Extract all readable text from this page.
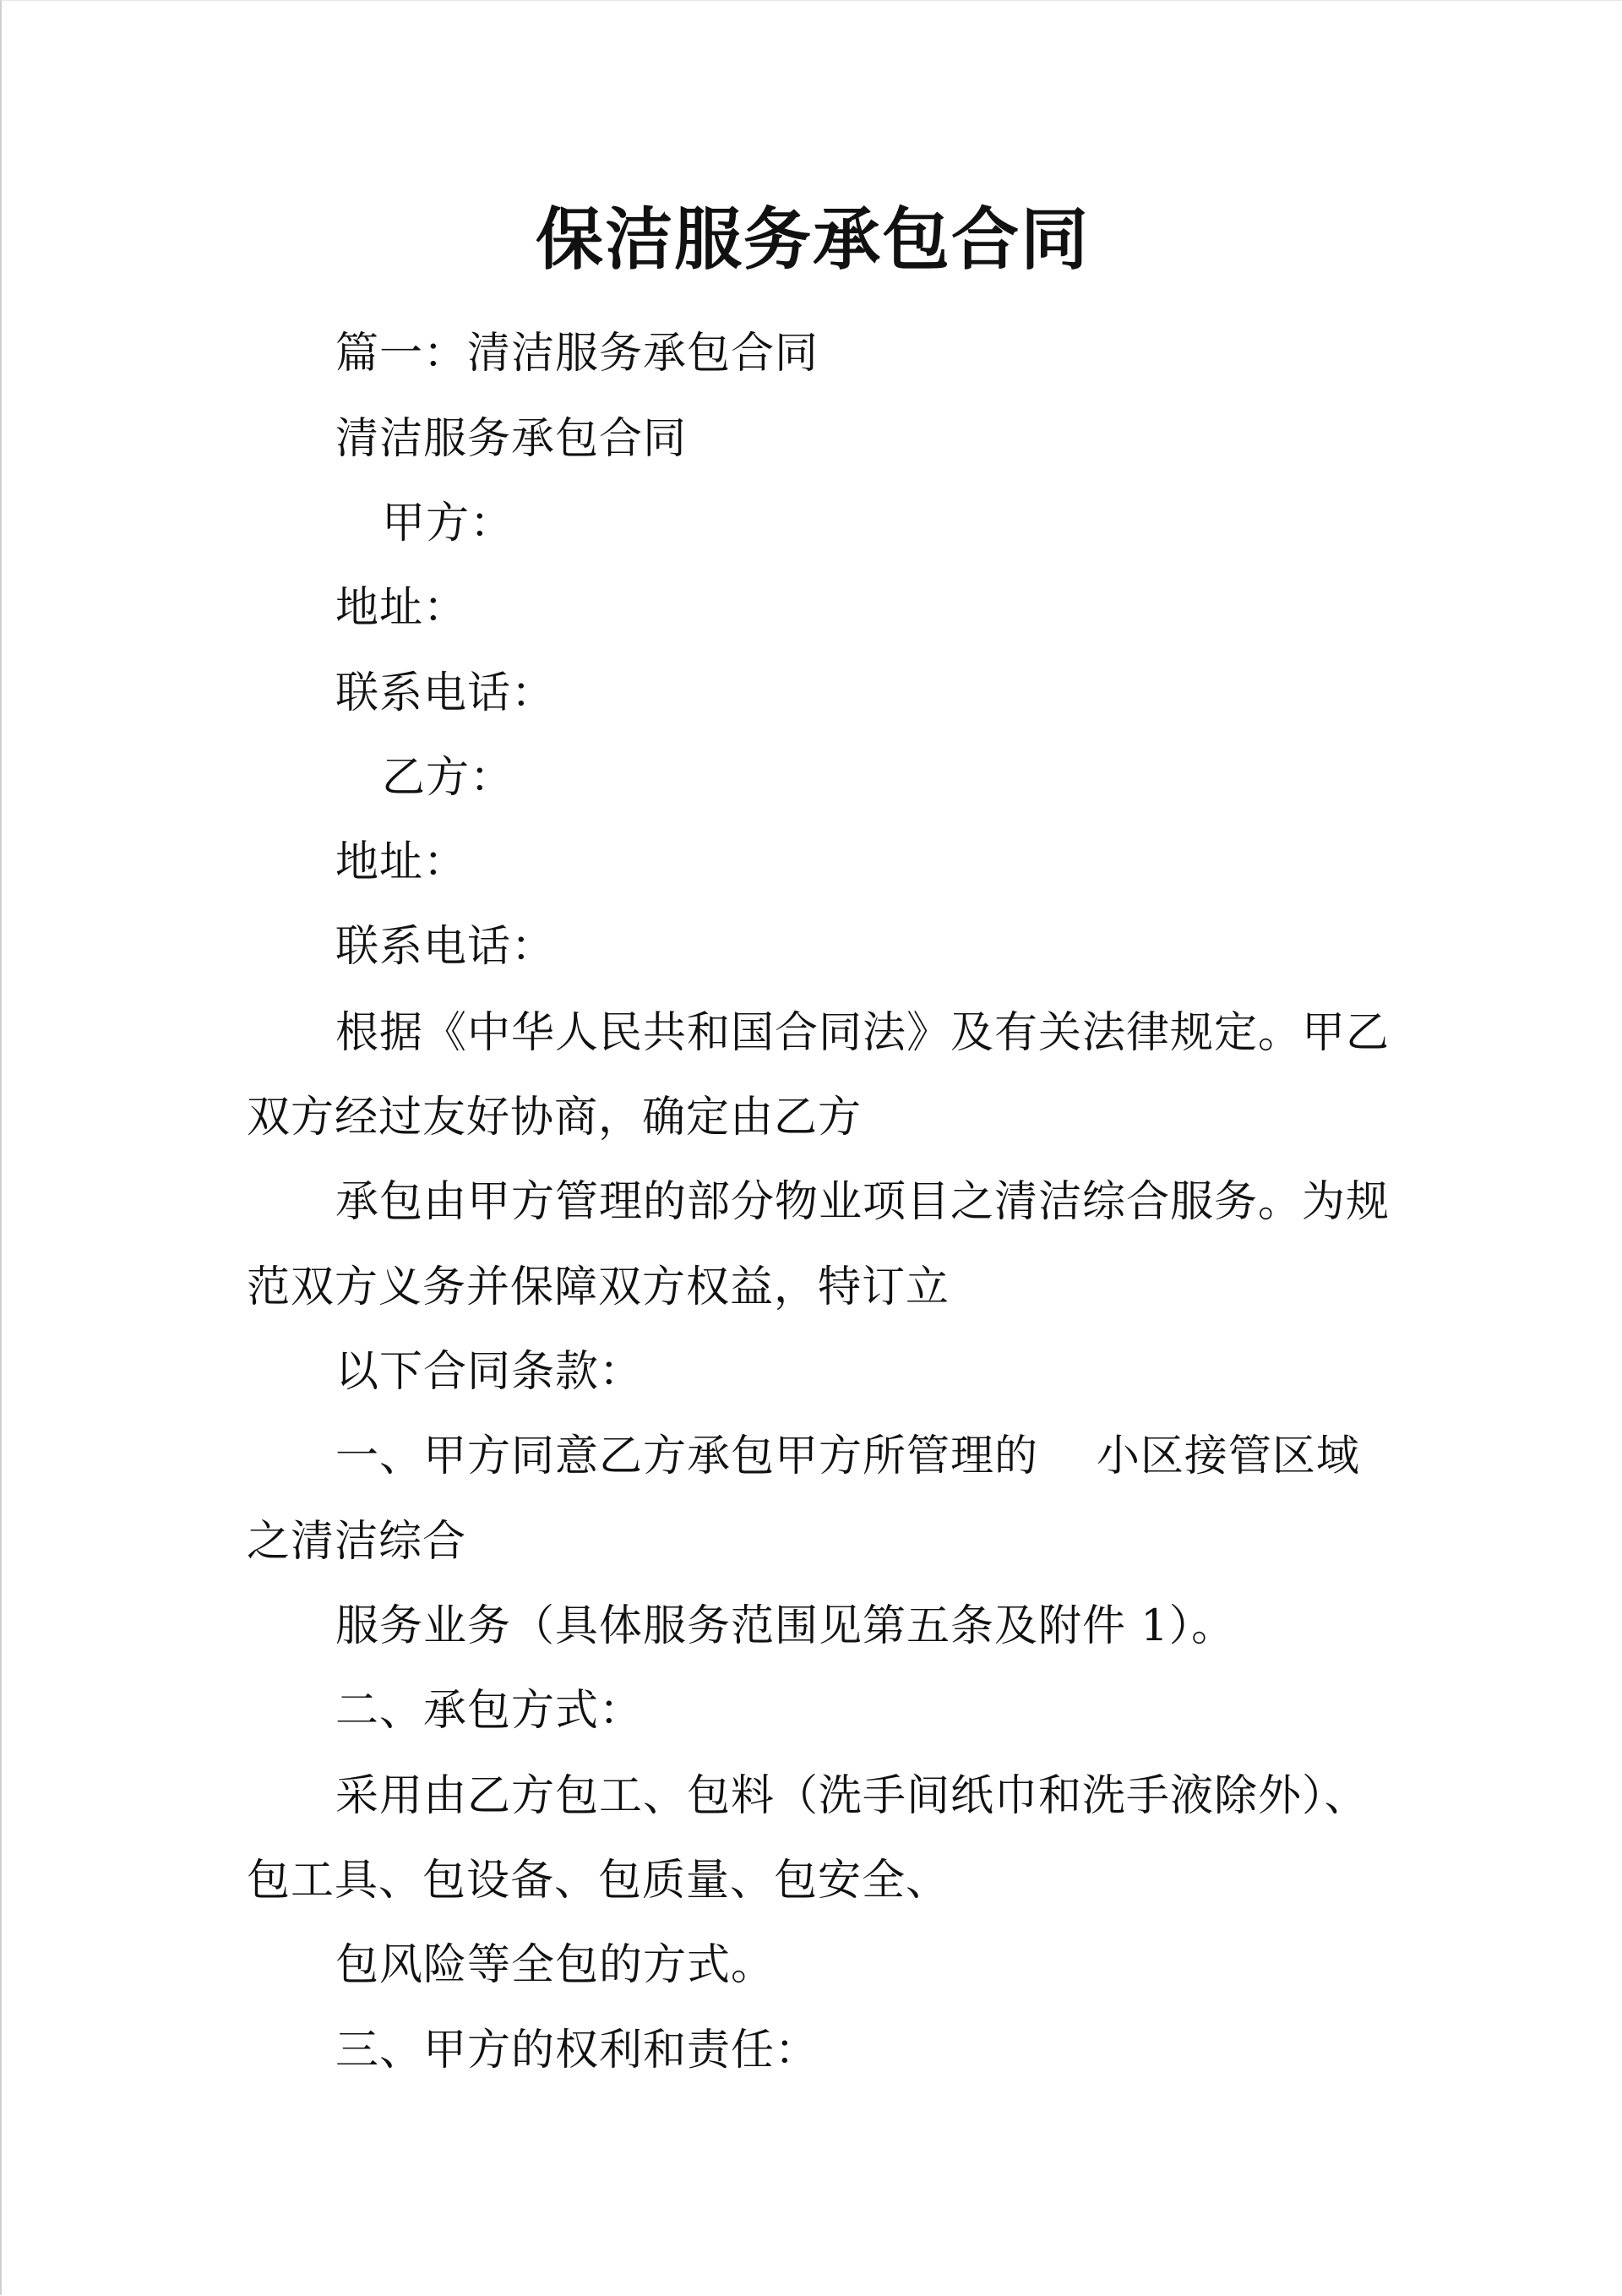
保洁服务承包合同
篇一：清洁服务承包合同
清洁服务承包合同
甲方：
地址：
联系电话：
乙方：
地址：
联系电话：
根据《中华人民共和国合同法》及有关法律规定。甲乙
双方经过友好协商，确定由乙方
承包由甲方管理的部分物业项目之清洁综合服务。为规
范双方义务并保障双方权益，特订立
以下合同条款：
一、甲方同意乙方承包甲方所管理的    小区接管区域
之清洁综合
服务业务（具体服务范围见第五条及附件 1）。
二、承包方式：
采用由乙方包工、包料（洗手间纸巾和洗手液除外）、
包工具、包设备、包质量、包安全、
包风险等全包的方式。
三、甲方的权利和责任：
